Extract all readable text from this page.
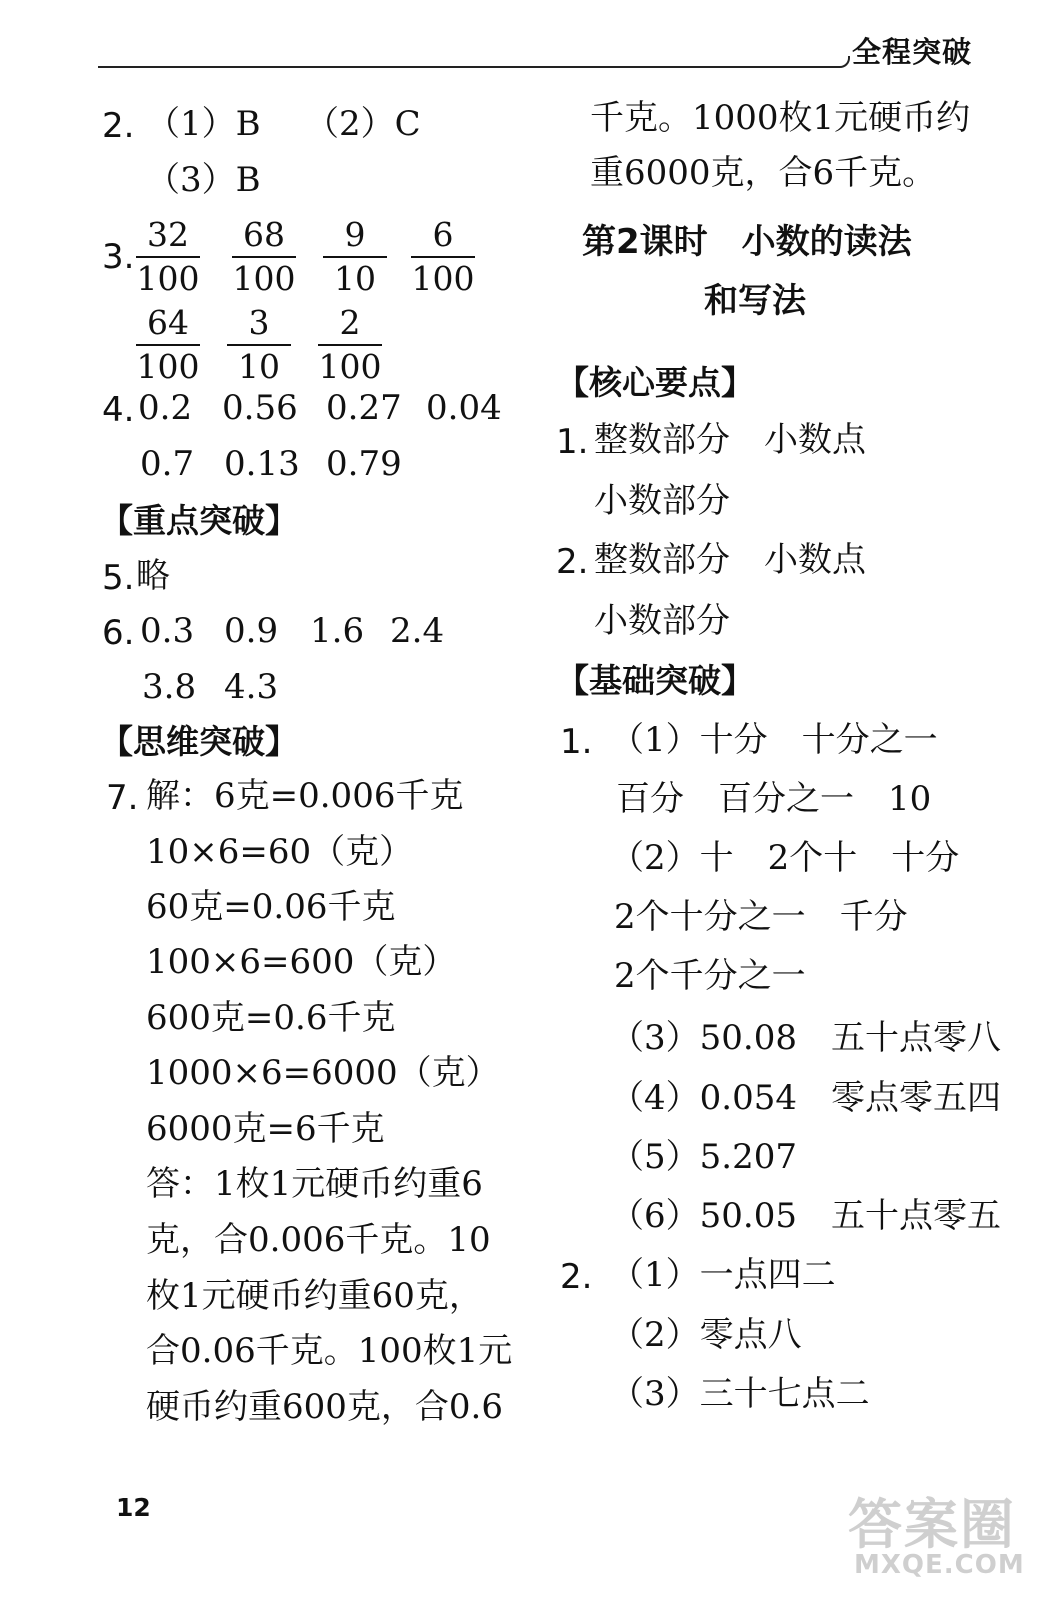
全程突破
2. （1）B （2）C
（3）B
3. $\frac{32}{100} \frac{68}{100} \frac{9}{10} \frac{6}{100}$
$\frac{64}{100} \frac{3}{10} \frac{2}{100}$
4. 0.2 0.56 0.27 0.04
0.7 0.13 0.79
【重点突破】
5. 略
6. 0.3 0.9 1.6 2.4
3.8 4.3
【思维突破】
7. 解：6克=0.006千克
10×6=60（克）
60克=0.06千克
100×6=600（克）
600克=0.6千克
1000×6=6000（克）
6000克=6千克
答：1枚1元硬币约重6
克，合0.006千克。10
枚1元硬币约重60克，
合0.06千克。100枚1元
硬币约重600克，合0.6
千克。1000枚1元硬币约
重6000克，合6千克。
第2课时　小数的读法
和写法
【核心要点】
1. 整数部分　小数点
小数部分
2. 整数部分　小数点
小数部分
【基础突破】
1. （1）十分　十分之一
百分　百分之一　10
（2）十　2个十　十分
2个十分之一　千分
2个千分之一
（3）50.08　五十点零八
（4）0.054　零点零五四
（5）5.207
（6）50.05　五十点零五
2. （1）一点四二
（2）零点八
（3）三十七点二
12	答案圈
MXQE.COM
